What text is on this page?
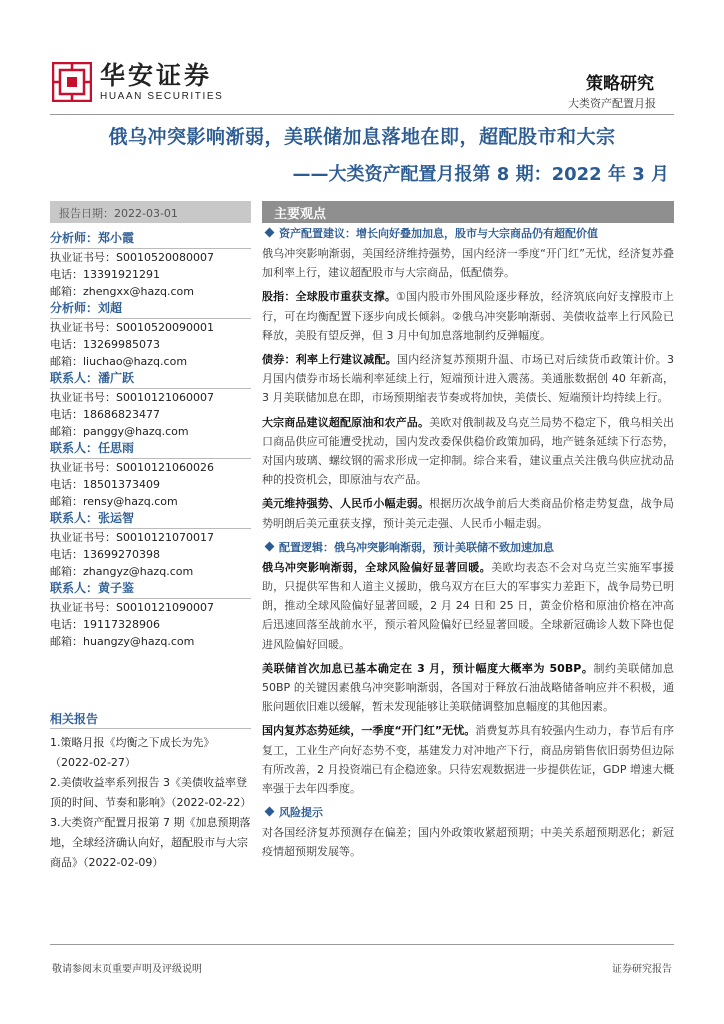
华安证券
HUAAN SECURITIES
策略研究
大类资产配置月报
俄乌冲突影响渐弱，美联储加息落地在即，超配股市和大宗
——大类资产配置月报第 8 期：2022 年 3 月
报告日期：2022-03-01	主要观点
分析师：郑小霞
执业证书号：S0010520080007
电话：13391921291
邮箱：zhengxx@hazq.com
分析师：刘超
执业证书号：S0010520090001
电话：13269985073
邮箱：liuchao@hazq.com
联系人：潘广跃
执业证书号：S0010121060007
电话：18686823477
邮箱：panggy@hazq.com
联系人：任思雨
执业证书号：S0010121060026
电话：18501373409
邮箱：rensy@hazq.com
联系人：张运智
执业证书号：S0010121070017
电话：13699270398
邮箱：zhangyz@hazq.com
联系人：黄子鉴
执业证书号：S0010121090007
电话：19117328906
邮箱：huangzy@hazq.com
相关报告
1.策略月报《均衡之下成长为先》（2022-02-27）
2.美债收益率系列报告 3《美债收益率登顶的时间、节奏和影响》（2022-02-22）
3.大类资产配置月报第 7 期《加息预期落地，全球经济确认向好，超配股市与大宗商品》（2022-02-09）
资产配置建议：增长向好叠加加息，股市与大宗商品仍有超配价值
俄乌冲突影响渐弱，美国经济维持强势，国内经济一季度“开门红”无忧，经济复苏叠加利率上行，建议超配股市与大宗商品，低配债券。
股指：全球股市重获支撑。①国内股市外围风险逐步释放，经济筑底向好支撑股市上行，可在均衡配置下逐步向成长倾斜。②俄乌冲突影响渐弱、美债收益率上行风险已释放，美股有望反弹，但 3 月中旬加息落地制约反弹幅度。
债券：利率上行建议减配。国内经济复苏预期升温、市场已对后续货币政策计价。3 月国内债券市场长端利率延续上行，短端预计进入震荡。美通胀数据创 40 年新高，3 月美联储加息在即，市场预期缩表节奏或将加快，美债长、短端预计均持续上行。
大宗商品建议超配原油和农产品。美欧对俄制裁及乌克兰局势不稳定下，俄乌相关出口商品供应可能遭受扰动，国内发改委保供稳价政策加码，地产链条延续下行态势，对国内玻璃、螺纹钢的需求形成一定抑制。综合来看，建议重点关注俄乌供应扰动品种的投资机会，即原油与农产品。
美元维持强势、人民币小幅走弱。根据历次战争前后大类商品价格走势复盘，战争局势明朗后美元重获支撑，预计美元走强、人民币小幅走弱。
配置逻辑：俄乌冲突影响渐弱，预计美联储不致加速加息
俄乌冲突影响渐弱，全球风险偏好显著回暖。美欧均表态不会对乌克兰实施军事援助，只提供军售和人道主义援助，俄乌双方在巨大的军事实力差距下，战争局势已明朗，推动全球风险偏好显著回暖，2 月 24 日和 25 日，黄金价格和原油价格在冲高后迅速回落至战前水平，预示着风险偏好已经显著回暖。全球新冠确诊人数下降也促进风险偏好回暖。
美联储首次加息已基本确定在 3 月，预计幅度大概率为 50BP。制约美联储加息 50BP 的关键因素俄乌冲突影响渐弱，各国对于释放石油战略储备响应并不积极，通胀问题依旧难以缓解，暂未发现能够让美联储调整加息幅度的其他因素。
国内复苏态势延续，一季度“开门红”无忧。消费复苏具有较强内生动力，春节后有序复工，工业生产向好态势不变，基建发力对冲地产下行，商品房销售依旧弱势但边际有所改善，2 月投资端已有企稳迹象。只待宏观数据进一步提供佐证，GDP 增速大概率强于去年四季度。
风险提示
对各国经济复苏预测存在偏差；国内外政策收紧超预期；中美关系超预期恶化；新冠疫情超预期发展等。
敬请参阅末页重要声明及评级说明	证券研究报告
